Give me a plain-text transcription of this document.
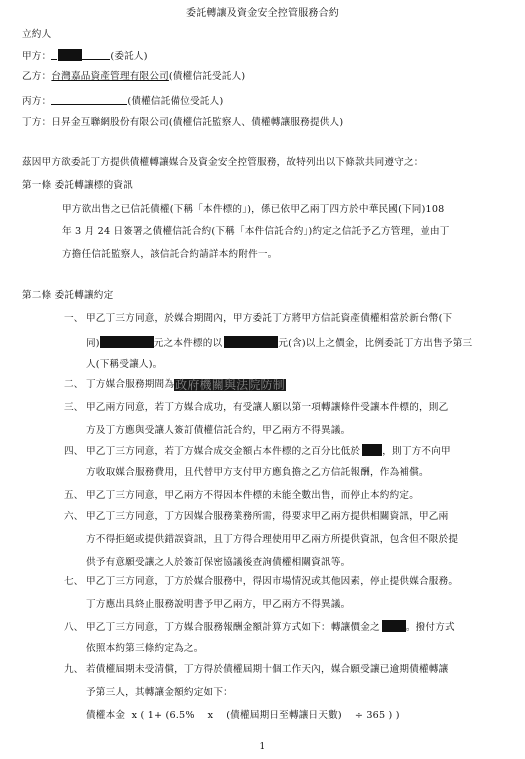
委託轉讓及資金安全控管服務合約
立約人
甲方：	(委託人)
乙方：台灣嘉品資產管理有限公司(債權信託受託人)
丙方：	(債權信託備位受託人)
丁方：日昇金互聯網股份有限公司(債權信託監察人、債權轉讓服務提供人)
茲因甲方欲委託丁方提供債權轉讓媒合及資金安全控管服務，故特列出以下條款共同遵守之：
第一條 委託轉讓標的資訊
甲方欲出售之已信託債權(下稱「本件標的」)，係已依甲乙兩丁四方於中華民國(下同)108
年 3 月 24 日簽署之債權信託合約(下稱「本件信託合約」)約定之信託予乙方管理，並由丁
方擔任信託監察人，該信託合約請詳本約附件一。
第二條 委託轉讓約定
一、 甲乙丁三方同意，於媒合期間內，甲方委託丁方將甲方信託資產債權相當於新台幣(下
同)	元之本件標的以	元(含)以上之價金，比例委託丁方出售予第三
人(下稱受讓人)。
二、 丁方媒合服務期間為政府機關與法院防制
三、 甲乙兩方同意，若丁方媒合成功，有受讓人願以第一項轉讓條件受讓本件標的，則乙
方及丁方應與受讓人簽訂債權信託合約，甲乙兩方不得異議。
四、 甲乙丁三方同意，若丁方媒合成交金額占本件標的之百分比低於 ，則丁方不向甲
方收取媒合服務費用，且代替甲方支付甲方應負擔之乙方信託報酬，作為補償。
五、 甲乙丁三方同意，甲乙兩方不得因本件標的未能全數出售，而停止本約約定。
六、 甲乙丁三方同意，丁方因媒合服務業務所需，得要求甲乙兩方提供相關資訊，甲乙兩
方不得拒絕或提供錯誤資訊，且丁方得合理使用甲乙兩方所提供資訊，包含但不限於提
供予有意願受讓之人於簽訂保密協議後查詢債權相關資訊等。
七、 甲乙丁三方同意，丁方於媒合服務中，得因市場情況或其他因素，停止提供媒合服務。
丁方應出具終止服務說明書予甲乙兩方，甲乙兩方不得異議。
八、 甲乙丁三方同意，丁方媒合服務報酬金額計算方式如下：轉讓價金之	。撥付方式
依照本約第三條約定為之。
九、 若債權屆期未受清償，丁方得於債權屆期十個工作天內，媒合願受讓已逾期債權轉讓
予第三人，其轉讓金額約定如下：
債權本金  x ( 1+ (6.5%    x    (債權屆期日至轉讓日天數)    ÷ 365 ) )
1
